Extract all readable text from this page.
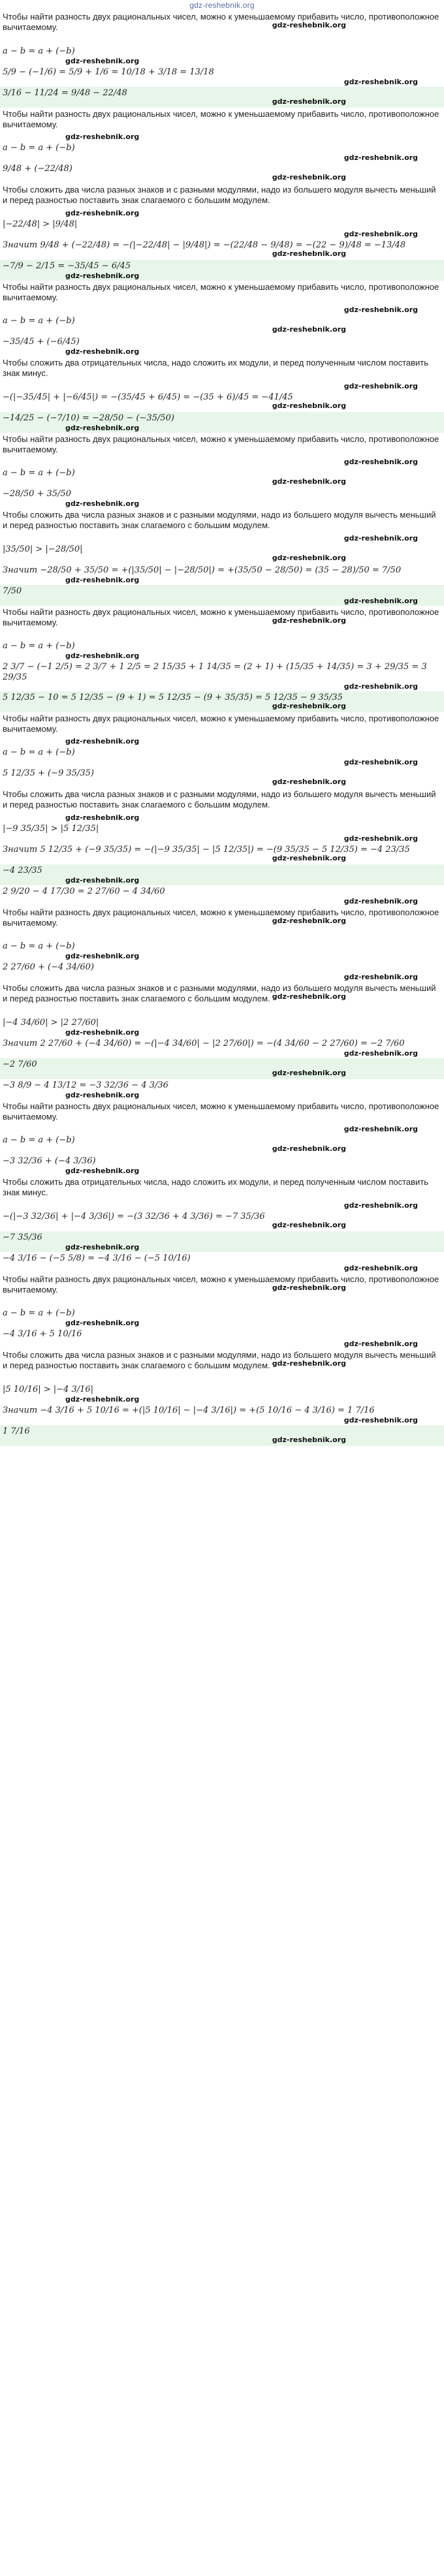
gdz-reshebnik.org
Чтобы найти разность двух рациональных чисел, можно к уменьшаемому прибавить число, противоположное вычитаемому.	gdz-reshebnik.org
a − b = a + (−b)
gdz-reshebnik.org
5/9 − (−1/6) = 5/9 + 1/6 = 10/18 + 3/18 = 13/18
gdz-reshebnik.org
3/16 − 11/24 = 9/48 − 22/48
gdz-reshebnik.org
Чтобы найти разность двух рациональных чисел, можно к уменьшаемому прибавить число, противоположное вычитаемому.
gdz-reshebnik.org
a − b = a + (−b)
gdz-reshebnik.org
9/48 + (−22/48)
gdz-reshebnik.org
Чтобы сложить два числа разных знаков и с разными модулями, надо из большего модуля вычесть меньший и перед разностью поставить знак слагаемого с большим модулем.
gdz-reshebnik.org
|−22/48| > |9/48|
gdz-reshebnik.org
Значит 9/48 + (−22/48) = −(|−22/48| − |9/48|) = −(22/48 − 9/48) = −(22 − 9)/48 = −13/48
gdz-reshebnik.org
−7/9 − 2/15 = −35/45 − 6/45
gdz-reshebnik.org
Чтобы найти разность двух рациональных чисел, можно к уменьшаемому прибавить число, противоположное вычитаемому.
gdz-reshebnik.org
a − b = a + (−b)
gdz-reshebnik.org
−35/45 + (−6/45)
gdz-reshebnik.org
Чтобы сложить два отрицательных числа, надо сложить их модули, и перед полученным числом поставить знак минус.
gdz-reshebnik.org
−(|−35/45| + |−6/45|) = −(35/45 + 6/45) = −(35 + 6)/45 = −41/45
gdz-reshebnik.org
−14/25 − (−7/10) = −28/50 − (−35/50)
gdz-reshebnik.org
Чтобы найти разность двух рациональных чисел, можно к уменьшаемому прибавить число, противоположное вычитаемому.
gdz-reshebnik.org
a − b = a + (−b)
gdz-reshebnik.org
−28/50 + 35/50
gdz-reshebnik.org
Чтобы сложить два числа разных знаков и с разными модулями, надо из большего модуля вычесть меньший и перед разностью поставить знак слагаемого с большим модулем.
gdz-reshebnik.org
|35/50| > |−28/50|
gdz-reshebnik.org
Значит −28/50 + 35/50 = +(|35/50| − |−28/50|) = +(35/50 − 28/50) = (35 − 28)/50 = 7/50
gdz-reshebnik.org
7/50
gdz-reshebnik.org
Чтобы найти разность двух рациональных чисел, можно к уменьшаемому прибавить число, противоположное вычитаемому.	gdz-reshebnik.org
a − b = a + (−b)
gdz-reshebnik.org
2 3/7 − (−1 2/5) = 2 3/7 + 1 2/5 = 2 15/35 + 1 14/35 = (2 + 1) + (15/35 + 14/35) = 3 + 29/35 = 3 29/35
gdz-reshebnik.org
5 12/35 − 10 = 5 12/35 − (9 + 1) = 5 12/35 − (9 + 35/35) = 5 12/35 − 9 35/35
gdz-reshebnik.org
Чтобы найти разность двух рациональных чисел, можно к уменьшаемому прибавить число, противоположное вычитаемому.
gdz-reshebnik.org
a − b = a + (−b)
gdz-reshebnik.org
5 12/35 + (−9 35/35)
gdz-reshebnik.org
Чтобы сложить два числа разных знаков и с разными модулями, надо из большего модуля вычесть меньший и перед разностью поставить знак слагаемого с большим модулем.
gdz-reshebnik.org
|−9 35/35| > |5 12/35|
gdz-reshebnik.org
Значит 5 12/35 + (−9 35/35) = −(|−9 35/35| − |5 12/35|) = −(9 35/35 − 5 12/35) = −4 23/35
gdz-reshebnik.org
−4 23/35
gdz-reshebnik.org
2 9/20 − 4 17/30 = 2 27/60 − 4 34/60
gdz-reshebnik.org
Чтобы найти разность двух рациональных чисел, можно к уменьшаемому прибавить число, противоположное вычитаемому.	gdz-reshebnik.org
a − b = a + (−b)
gdz-reshebnik.org
2 27/60 + (−4 34/60)
gdz-reshebnik.org
Чтобы сложить два числа разных знаков и с разными модулями, надо из большего модуля вычесть меньший и перед разностью поставить знак слагаемого с большим модулем. gdz-reshebnik.org
|−4 34/60| > |2 27/60|
gdz-reshebnik.org
Значит 2 27/60 + (−4 34/60) = −(|−4 34/60| − |2 27/60|) = −(4 34/60 − 2 27/60) = −2 7/60
gdz-reshebnik.org
−2 7/60
gdz-reshebnik.org
−3 8/9 − 4 13/12 = −3 32/36 − 4 3/36
gdz-reshebnik.org
Чтобы найти разность двух рациональных чисел, можно к уменьшаемому прибавить число, противоположное вычитаемому.
gdz-reshebnik.org
a − b = a + (−b)
gdz-reshebnik.org
−3 32/36 + (−4 3/36)
gdz-reshebnik.org
Чтобы сложить два отрицательных числа, надо сложить их модули, и перед полученным числом поставить знак минус.
gdz-reshebnik.org
−(|−3 32/36| + |−4 3/36|) = −(3 32/36 + 4 3/36) = −7 35/36
gdz-reshebnik.org
−7 35/36
gdz-reshebnik.org
−4 3/16 − (−5 5/8) = −4 3/16 − (−5 10/16)
gdz-reshebnik.org
Чтобы найти разность двух рациональных чисел, можно к уменьшаемому прибавить число, противоположное вычитаемому.	gdz-reshebnik.org
a − b = a + (−b)
gdz-reshebnik.org
−4 3/16 + 5 10/16
gdz-reshebnik.org
Чтобы сложить два числа разных знаков и с разными модулями, надо из большего модуля вычесть меньший и перед разностью поставить знак слагаемого с большим модулем. gdz-reshebnik.org
|5 10/16| > |−4 3/16|
gdz-reshebnik.org
Значит −4 3/16 + 5 10/16 = +(|5 10/16| − |−4 3/16|) = +(5 10/16 − 4 3/16) = 1 7/16
gdz-reshebnik.org
1 7/16
gdz-reshebnik.org
